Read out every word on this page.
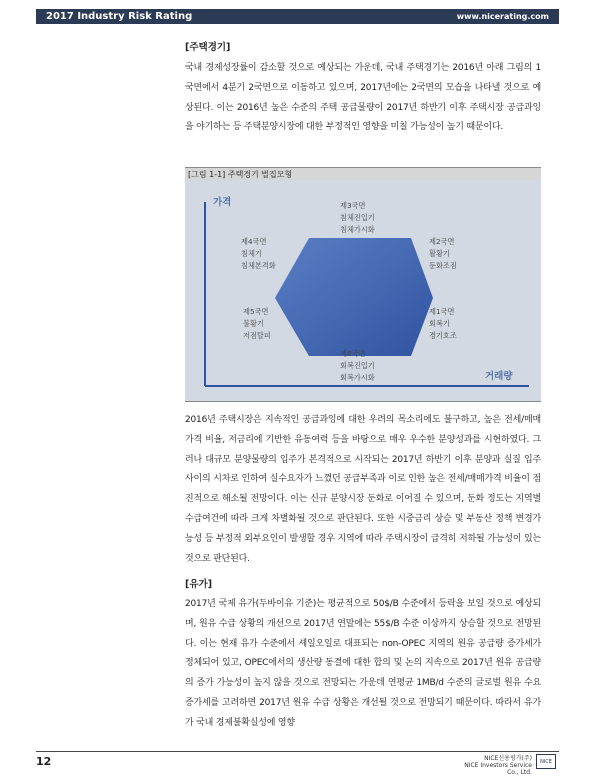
2017 Industry Risk Rating	www.nicerating.com

[주택경기]

국내 경제성장률이 감소할 것으로 예상되는 가운데, 국내 주택경기는 2016년 아래 그림의 1국면에서 4분기 2국면으로 이동하고 있으며, 2017년에는 2국면의 모습을 나타낼 것으로 예상된다. 이는 2016년 높은 수준의 주택 공급물량이 2017년 하반기 이후 주택시장 공급과잉을 야기하는 등 주택분양시장에 대한 부정적인 영향을 미칠 가능성이 높기 때문이다.

[그림 1-1] 주택경기 벌집모형
가격
거래량
제3국면
침체진입기
침체가시화
제2국면
활황기
둔화조짐
제1국면
회복기
경기호조
제6국면
회복진입기
회복가시화
제5국면
불황기
저점탈피
제4국면
침체기
침체본격화

2016년 주택시장은 지속적인 공급과잉에 대한 우려의 목소리에도 불구하고, 높은 전세/매매가격 비율, 저금리에 기반한 유동여력 등을 바탕으로 매우 우수한 분양성과를 시현하였다. 그러나 대규모 분양물량의 입주가 본격적으로 시작되는 2017년 하반기 이후 분양과 실질 입주 사이의 시차로 인하여 실수요자가 느꼈던 공급부족과 이로 인한 높은 전세/매매가격 비율이 점진적으로 해소될 전망이다. 이는 신규 분양시장 둔화로 이어질 수 있으며, 둔화 정도는 지역별 수급여건에 따라 크게 차별화될 것으로 판단된다. 또한 시중금리 상승 및 부동산 정책 변경가능성 등 부정적 외부요인이 발생할 경우 지역에 따라 주택시장이 급격히 저하될 가능성이 있는 것으로 판단된다.

[유가]

2017년 국제 유가(두바이유 기준)는 평균적으로 50$/B 수준에서 등락을 보일 것으로 예상되며, 원유 수급 상황의 개선으로 2017년 연말에는 55$/B 수준 이상까지 상승할 것으로 전망된다. 이는 현재 유가 수준에서 셰일오일로 대표되는 non-OPEC 지역의 원유 공급량 증가세가 정체되어 있고, OPEC에서의 생산량 동결에 대한 합의 및 논의 지속으로 2017년 원유 공급량의 증가 가능성이 높지 않을 것으로 전망되는 가운데 연평균 1MB/d 수준의 글로벌 원유 수요 증가세를 고려하면 2017년 원유 수급 상황은 개선될 것으로 전망되기 때문이다. 따라서 유가가 국내 경제불확실성에 영향

12	NICE신용평가(주)
NICE Investors Service Co., Ltd.
NICE
